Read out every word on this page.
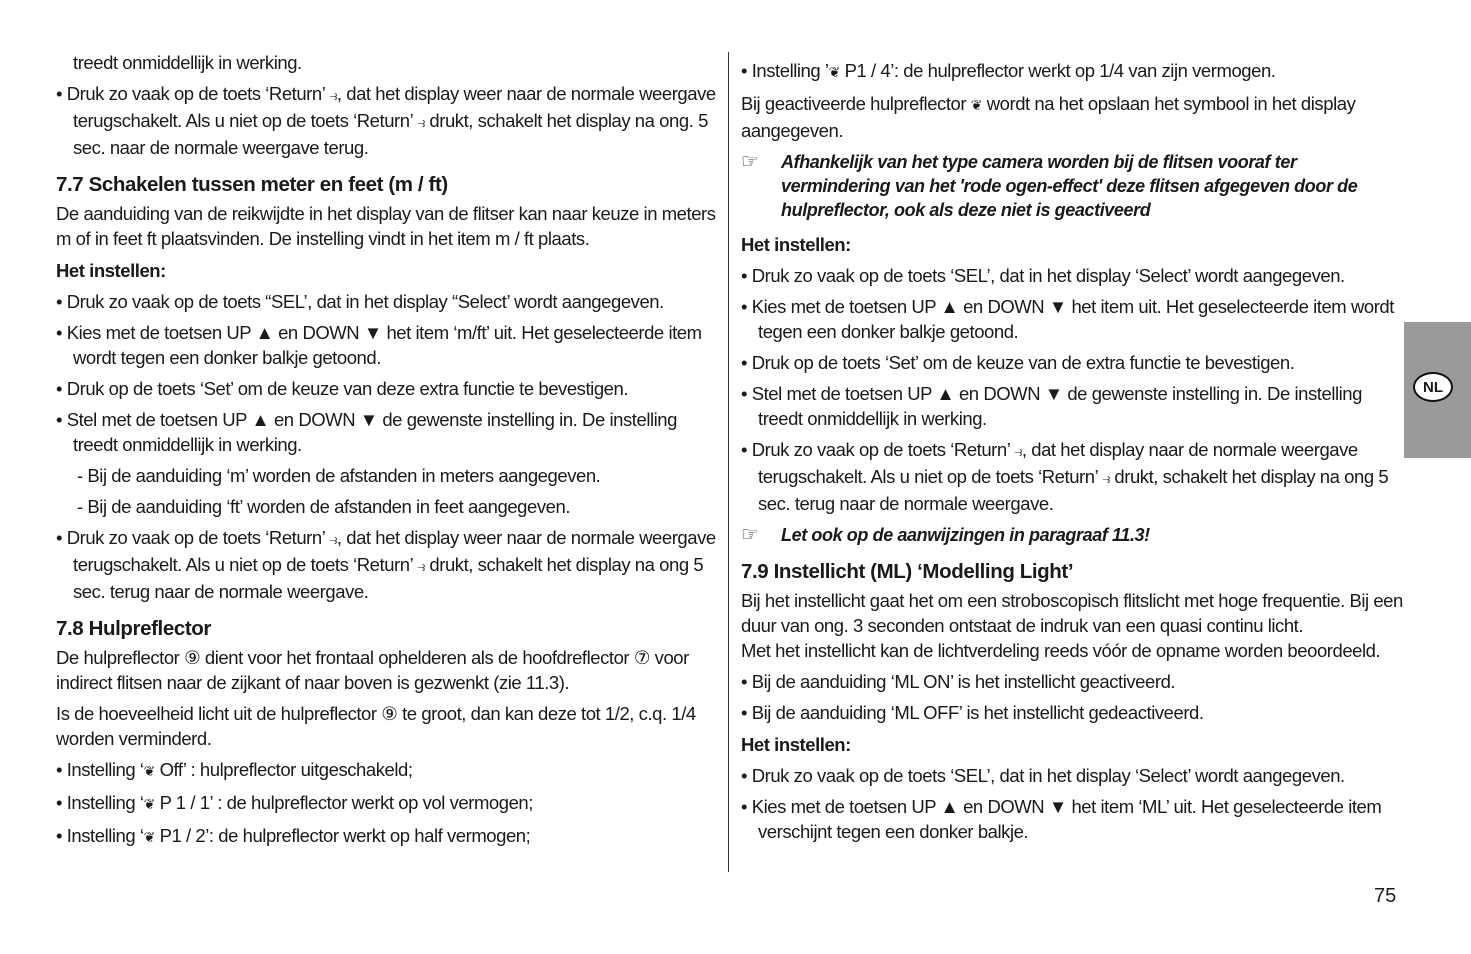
treedt onmiddellijk in werking.

• Druk zo vaak op de toets ‘Return’ ⥽, dat het display weer naar de normale weergave terugschakelt. Als u niet op de toets ‘Return’ ⥽ drukt, schakelt het display na ong. 5 sec. naar de normale weergave terug.

7.7 Schakelen tussen meter en feet (m / ft)

De aanduiding van de reikwijdte in het display van de flitser kan naar keuze in meters m of in feet ft plaatsvinden. De instelling vindt in het item m / ft plaats.

Het instellen:

• Druk zo vaak op de toets “SEL’, dat in het display “Select’ wordt aangegeven.

• Kies met de toetsen UP ▲ en DOWN ▼ het item ‘m/ft’ uit. Het geselecteerde item wordt tegen een donker balkje getoond.

• Druk op de toets ‘Set’ om de keuze van deze extra functie te bevestigen.

• Stel met de toetsen UP ▲ en DOWN ▼ de gewenste instelling in. De instelling treedt onmiddellijk in werking.

- Bij de aanduiding ‘m’ worden de afstanden in meters aangegeven.

- Bij de aanduiding ‘ft’ worden de afstanden in feet aangegeven.

• Druk zo vaak op de toets ‘Return’ ⥽, dat het display weer naar de normale weergave terugschakelt. Als u niet op de toets ‘Return’ ⥽ drukt, schakelt het display na ong 5 sec. terug naar de normale weergave.

7.8 Hulpreflector

De hulpreflector ⑨ dient voor het frontaal ophelderen als de hoofdreflector ⑦ voor indirect flitsen naar de zijkant of naar boven is gezwenkt (zie 11.3).

Is de hoeveelheid licht uit de hulpreflector ⑨ te groot, dan kan deze tot 1/2, c.q. 1/4 worden verminderd.

• Instelling ‘❦ Off’ : hulpreflector uitgeschakeld;

• Instelling ‘❦ P 1 / 1’ : de hulpreflector werkt op vol vermogen;

• Instelling ‘❦ P1 / 2’: de hulpreflector werkt op half vermogen;

• Instelling ’❦ P1 / 4’: de hulpreflector werkt op 1/4 van zijn vermogen.

Bij geactiveerde hulpreflector ❦ wordt na het opslaan het symbool in het display aangegeven.

☞	Afhankelijk van het type camera worden bij de flitsen vooraf ter vermindering van het 'rode ogen-effect' deze flitsen afgegeven door de hulpreflector, ook als deze niet is geactiveerd

Het instellen:

• Druk zo vaak op de toets ‘SEL’, dat in het display ‘Select’ wordt aangegeven.

• Kies met de toetsen UP ▲ en DOWN ▼ het item uit. Het geselecteerde item wordt tegen een donker balkje getoond.

• Druk op de toets ‘Set’ om de keuze van de extra functie te bevestigen.

• Stel met de toetsen UP ▲ en DOWN ▼ de gewenste instelling in. De instelling treedt onmiddellijk in werking.

• Druk zo vaak op de toets ‘Return’ ⥽, dat het display naar de normale weergave terugschakelt. Als u niet op de toets ‘Return’ ⥽ drukt, schakelt het display na ong 5 sec. terug naar de normale weergave.

☞	Let ook op de aanwijzingen in paragraaf 11.3!
7.9 Instellicht (ML) ‘Modelling Light’

Bij het instellicht gaat het om een stroboscopisch flitslicht met hoge frequentie. Bij een duur van ong. 3 seconden ontstaat de indruk van een quasi continu licht.

Met het instellicht kan de lichtverdeling reeds vóór de opname worden beoordeeld.

• Bij de aanduiding ‘ML ON’ is het instellicht geactiveerd.

• Bij de aanduiding ‘ML OFF’ is het instellicht gedeactiveerd.

Het instellen:

• Druk zo vaak op de toets ‘SEL’, dat in het display ‘Select’ wordt aangegeven.

• Kies met de toetsen UP ▲ en DOWN ▼ het item ‘ML’ uit. Het geselecteerde item verschijnt tegen een donker balkje.

NL
75
